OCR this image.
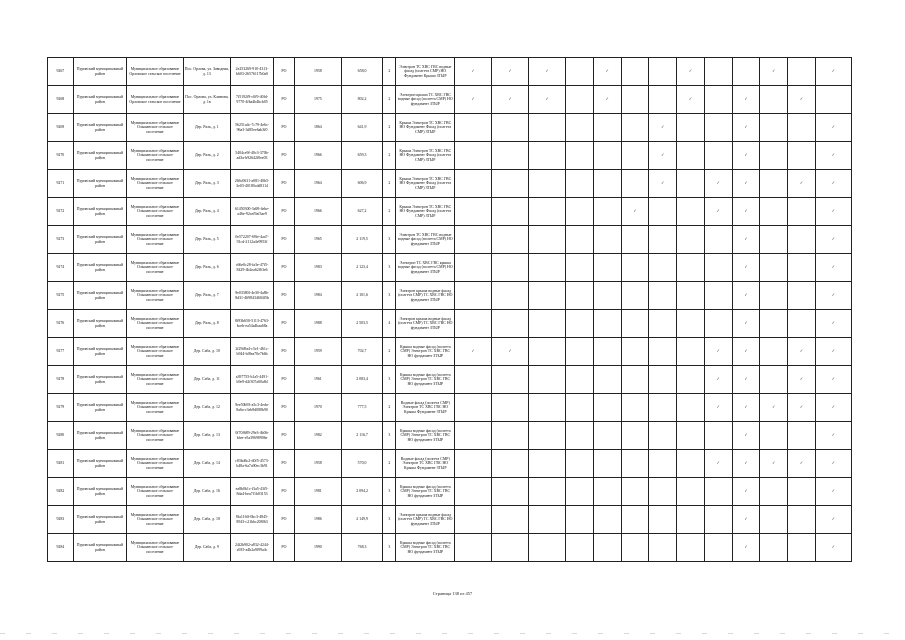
9267	Пуровский муниципальный район	Муниципальное образование Орловское сельское поселение	Пос. Орлова, ул. Заводная, д. 13	2e253269-910-4313-b603-26576117b0a0	РО	1958	658,0	2	Электрон ТС ХВС ГВС водные фасад (полгета СМР) НО Фундамент Крыша ЗТЫР	✓	✓	✓		✓			✓			✓		✓
9268	Пуровский муниципальный район	Муниципальное образование Орловское сельское поселение	Пос. Орлова, ул. Клинова, д. 1в	7f5192f9-c0f9-40fd-9770-4fba4b4bcb05	РО	1975	802,2	2	Электрон крыша ТС ХВС ГВС водные фасад (полгета СМР) НО фундамент ЗТЫР	✓	✓	✓		✓			✓		✓		✓	
9269	Пуровский муниципальный район	Муниципальное образование Ольшанское сельское поселение	Дер. Раль, д. 1	56251a4c-7c79-4e6c-96a3-3d85ee6ab3f0	РО	1864	641,9	2	Крыша Электрон ТС ХВС ГВС НО Фундамент Фасад (полгета СМР) ЗТЫР							✓			✓			✓
9270	Пуровский муниципальный район	Муниципальное образование Ольшанское сельское поселение	Дер. Раль, д. 2	5404ce9f-40c3-370b-ad3a-b92642f0ee03	РО	1966	659,3	2	Крыша Электрон ТС ХВС ГВС НО Фундамент Фасад (полгета СМР) ЗТЫР							✓			✓			✓
9271	Пуровский муниципальный район	Муниципальное образование Ольшанское сельское поселение	Дер. Раль, д. 3	266c0631-a081-40b5-3e03-40180cdd8114	РО	1964	606,9	2	Крыша Электрон ТС ХВС ГВС НО Фундамент Фасад (полгета СМР) ЗТЫР							✓		✓	✓		✓	✓
9272	Пуровский муниципальный район	Муниципальное образование Ольшанское сельское поселение	Дер. Раль, д. 4	61450300-3a98-4ebe-a46e-92cef9af3ae9	РО	1966	627,2	2	Крыша Электрон ТС ХВС ГВС НО Фундамент Фасад (полгета СМР) ЗТЫР						✓			✓	✓			✓
9273	Пуровский муниципальный район	Муниципальное образование Ольшанское сельское поселение	Дер. Раль, д. 5	0e572207-69fe-4aa7-91cd-2112a4e9953f	РО	1965	2 119,5	3	Электрон ТС ХВС ГВС водные водные фасад (полгета СМР) НО фундамент ЗТЫР										✓			✓
9274	Пуровский муниципальный район	Муниципальное образование Ольшанское сельское поселение	Дер. Раль, д. 6	c66e0c28-fa3e-47f5-8429-4b2ea62f63e6	РО	1983	2 123,4	3	Электрон ТС ХВС ГВС крыша водные фасад (полгета СМР) НО фундамент ЗТЫР										✓			✓
9275	Пуровский муниципальный район	Муниципальное образование Ольшанское сельское поселение	Дер. Раль, д. 7	9e03380f-4e30-4a8b-8d31-4698434604f5b	РО	1984	2 101,6	3	Электрон крыша водные фасад (полгета СМР) ТС ХВС ГВС НО фундамент ЗТЫР										✓			✓
9276	Пуровский муниципальный район	Муниципальное образование Ольшанское сельское поселение	Дер. Раль, д. 8	8f93b650-5113-4763-bceb-ea54a4baa68a	РО	1988	2 503,5	4	Электрон крыша водные фасад (полгета СМР) ТС ХВС ГВС НО фундамент ЗТЫР										✓			✓
9277	Пуровский муниципальный район	Муниципальное образование Ольшанское сельское поселение	Дер. Саба, д. 10	2f29d9a4-c5e1-461c-b944-bf8ea70e7b6b	РО	1959	702,7	2	Крыша водные фасад (полгета СМР) Электрон ТС ХВС ГВС НО фундамент ЗТЫР	✓	✓							✓	✓		✓	✓
9278	Пуровский муниципальный район	Муниципальное образование Ольшанское сельское поселение	Дер. Саба, д. 11	a397755-b1a5-4491-b9e9-d2f307a00a8d	РО	1961	2 083,4	3	Крыша водные фасад (полгета СМР) Электрон ТС ХВС ГВС НО фундамент ЗТЫР									✓	✓		✓	✓
9279	Пуровский муниципальный район	Муниципальное образование Ольшанское сельское поселение	Дер. Саба, д. 12	9ee50b93-a5c3-4eda-8a6a-c3eb9d088b90	РО	1970	777,5	2	Водные фасад (полгета СМР) Электрон ТС ХВС ГВС НО Крыша Фундамент ЗТЫР									✓	✓	✓	✓	✓
9280	Пуровский муниципальный район	Муниципальное образование Ольшанское сельское поселение	Дер. Саба, д. 13	0f70f689-29e3-4b0b-bfee-e5a39698906e	РО	1982	2 116,7	3	Крыша водные фасад (полгета СМР) Электрон ТС ХВС ГВС НО фундамент ЗТЫР										✓			✓
9281	Пуровский муниципальный район	Муниципальное образование Ольшанское сельское поселение	Дер. Саба, д. 14	c83bd6c2-d0f5-4573-b48a-6a7a90ec3b91	РО	1958	570,0	2	Водные фасад (полгета СМР) Электрон ТС ХВС ГВС НО Крыша Фундамент ЗТЫР									✓	✓	✓	✓	✓
9282	Пуровский муниципальный район	Муниципальное образование Ольшанское сельское поселение	Дер. Саба, д. 16	ea8b0b1c-f3a5-43f5-8da4-bea7f1b03153	РО	1981	2 094,2	3	Крыша водные фасад (полгета СМР) Электрон ТС ХВС ГВС НО фундамент ЗТЫР										✓			✓
9283	Пуровский муниципальный район	Муниципальное образование Ольшанское сельское поселение	Дер. Саба, д. 18	8fa116ff-0bc3-4845-8943-c21bbc208f63	РО	1986	2 149,9	3	Электрон крыша водные фасад (полгета СМР) ТС ХВС ГВС НО фундамент ЗТЫР										✓			✓
9284	Пуровский муниципальный район	Муниципальное образование Ольшанское сельское поселение	Дер. Саба, д. 9	24f2b902-a832-4244-a935-a4b2a9f99a4c	РО	1990	768,3	3	Крыша водные фасад (полгета СМР) Электрон ТС ХВС ГВС НО фундамент ЗТЫР										✓			✓
Страница 138 из 457
